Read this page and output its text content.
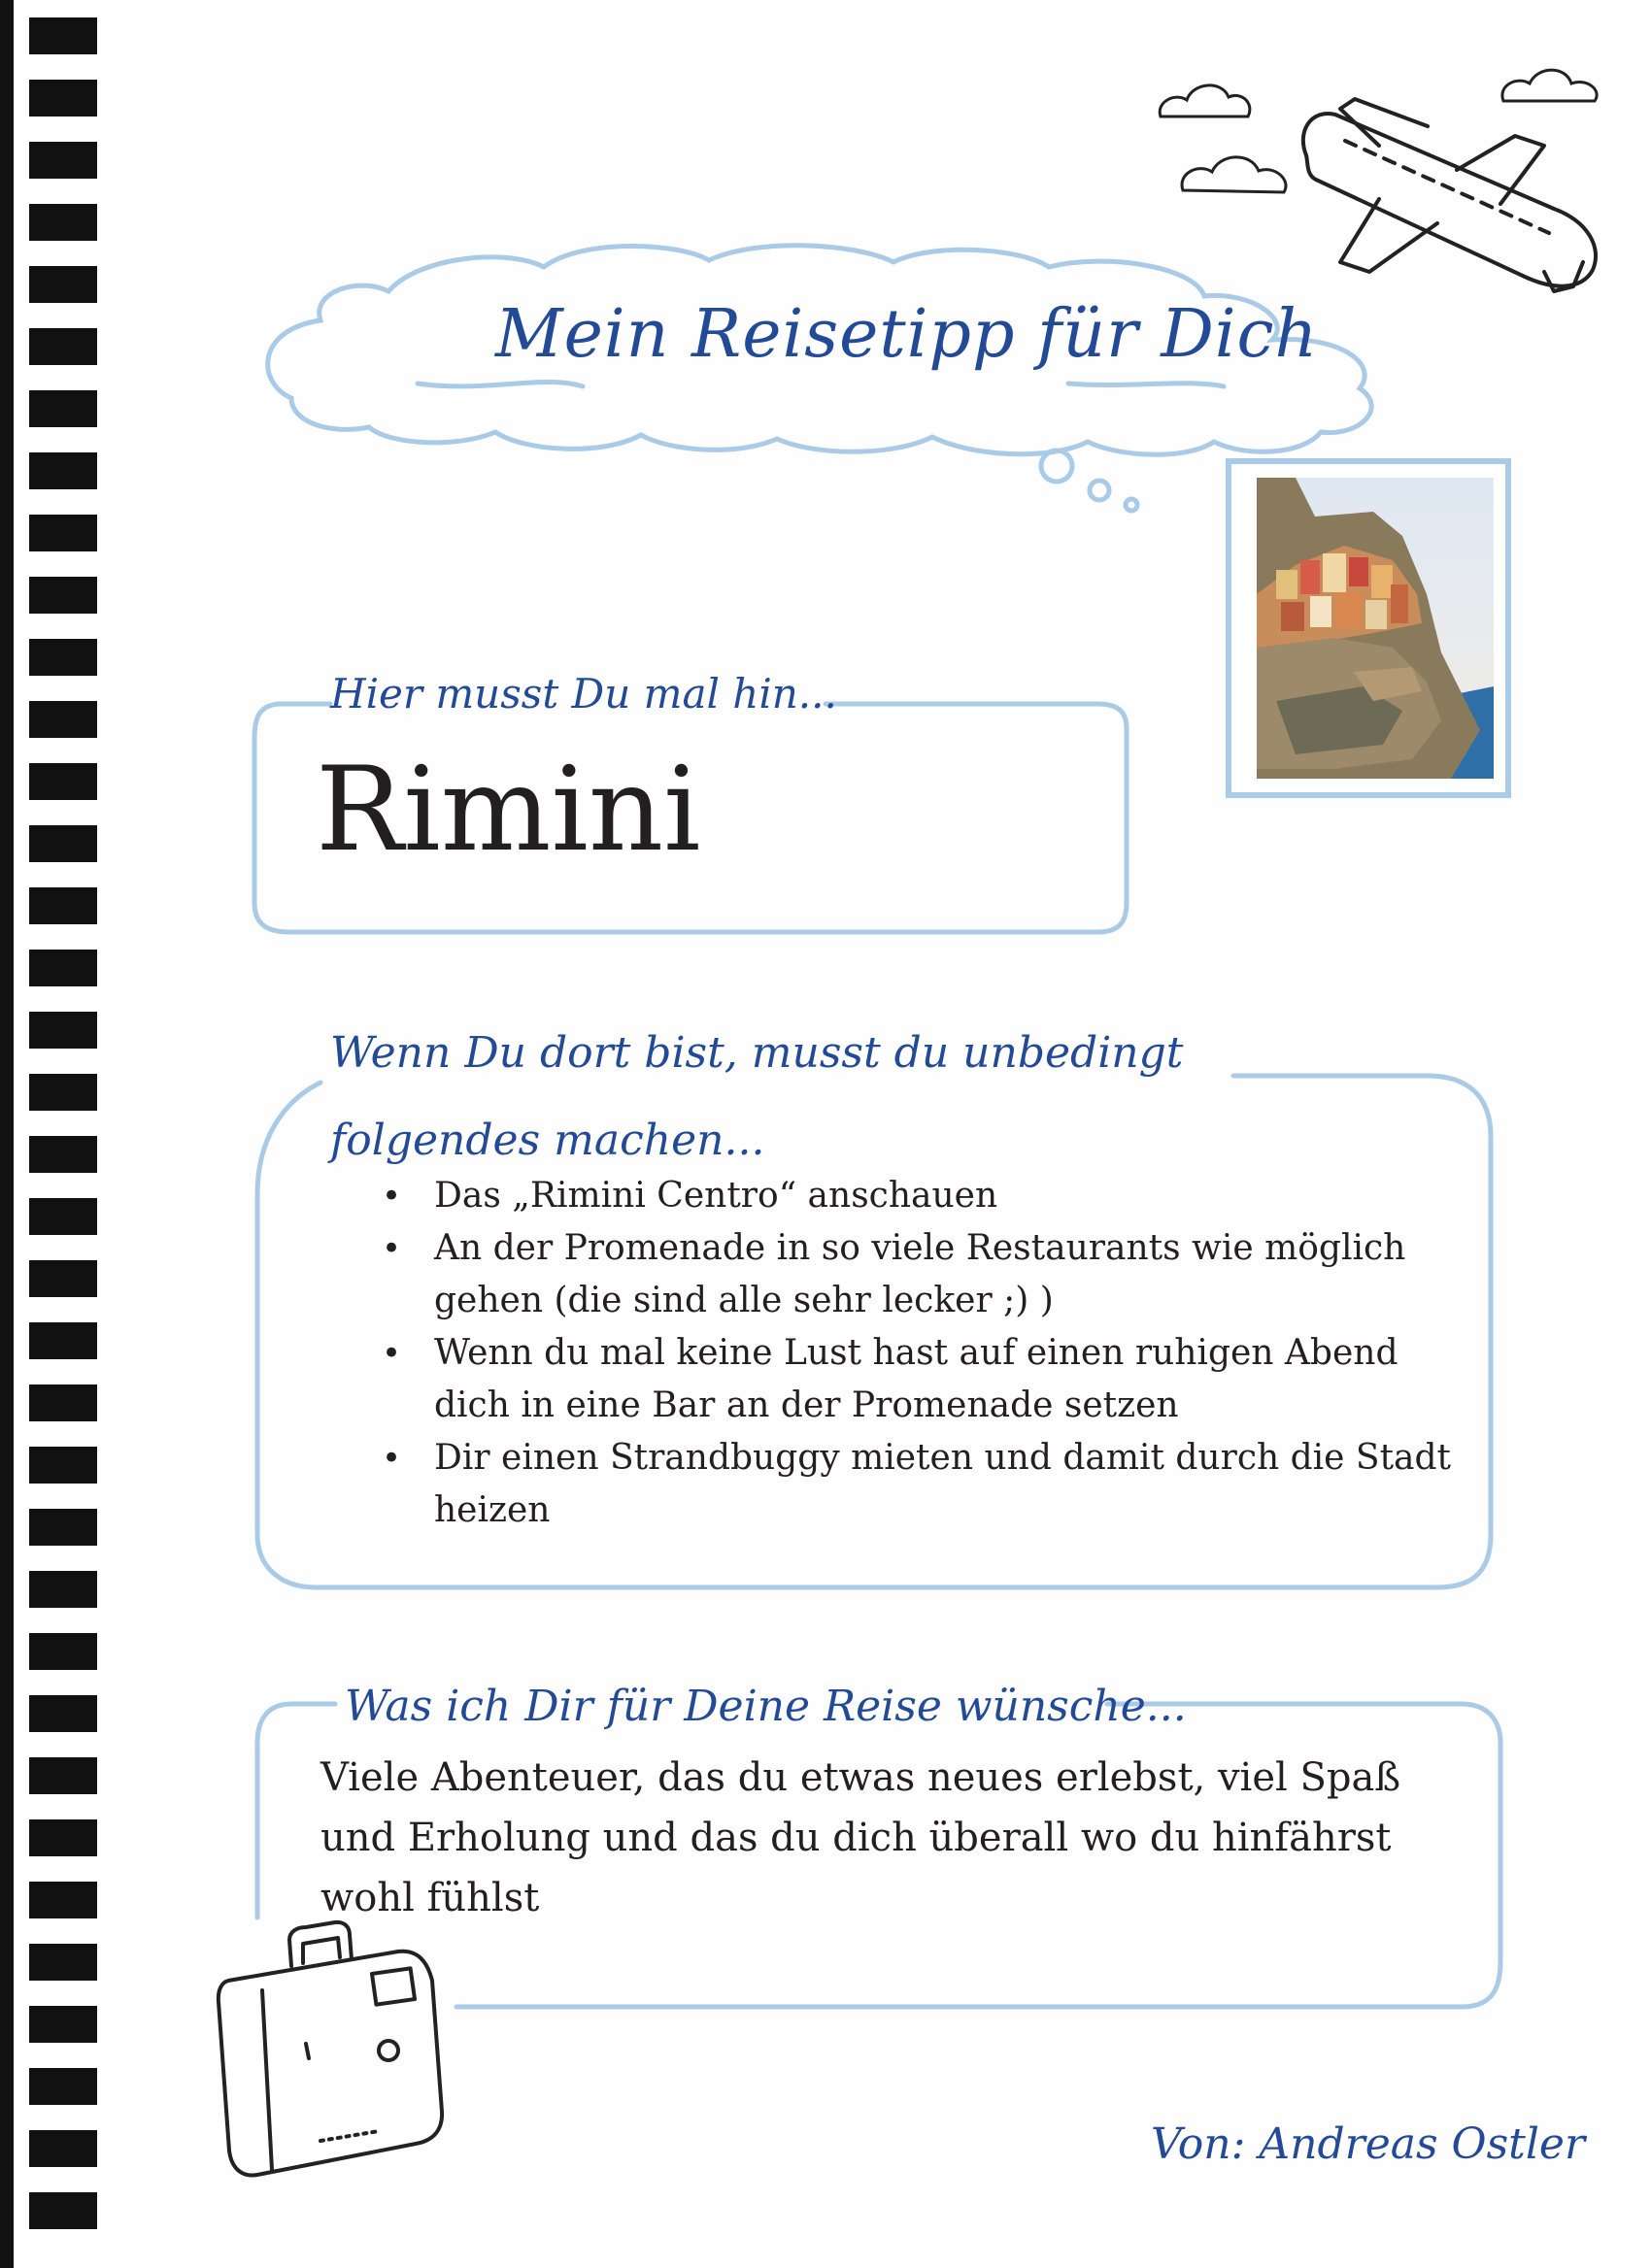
Mein Reisetipp für Dich
Hier musst Du mal hin...
Rimini
Wenn Du dort bist, musst du unbedingt folgendes machen...
• Das „Rimini Centro“ anschauen
• An der Promenade in so viele Restaurants wie möglich gehen (die sind alle sehr lecker ;) )
• Wenn du mal keine Lust hast auf einen ruhigen Abend dich in eine Bar an der Promenade setzen
• Dir einen Strandbuggy mieten und damit durch die Stadt heizen
Was ich Dir für Deine Reise wünsche...
Viele Abenteuer, das du etwas neues erlebst, viel Spaß und Erholung und das du dich überall wo du hinfährst wohl fühlst
Von: Andreas Ostler
